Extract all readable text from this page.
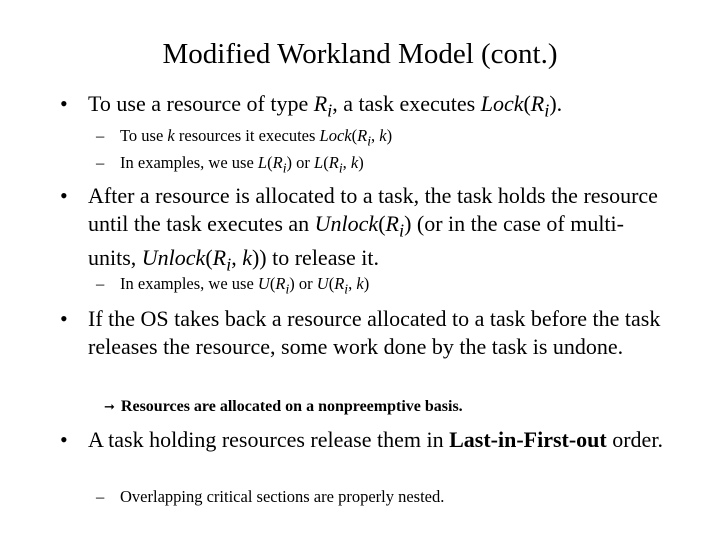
Modified Workland Model (cont.)
• To use a resource of type $R_i$, a task executes $Lock(R_i)$.
– To use k resources it executes $Lock(R_i$, k)
– In examples, we use $L(R_i)$ or $L(R_i$, k)
• After a resource is allocated to a task, the task holds the resource until the task executes an $Unlock(R_i)$ (or in the case of multi-units, $Unlock(R_i$, k)) to release it.
– In examples, we use $U(R_i)$ or $U(R_i$, k)
• If the OS takes back a resource allocated to a task before the task releases the resource, some work done by the task is undone.
➞ Resources are allocated on a nonpreemptive basis.
• A task holding resources release them in Last-in-First-out order.
– Overlapping critical sections are properly nested.
